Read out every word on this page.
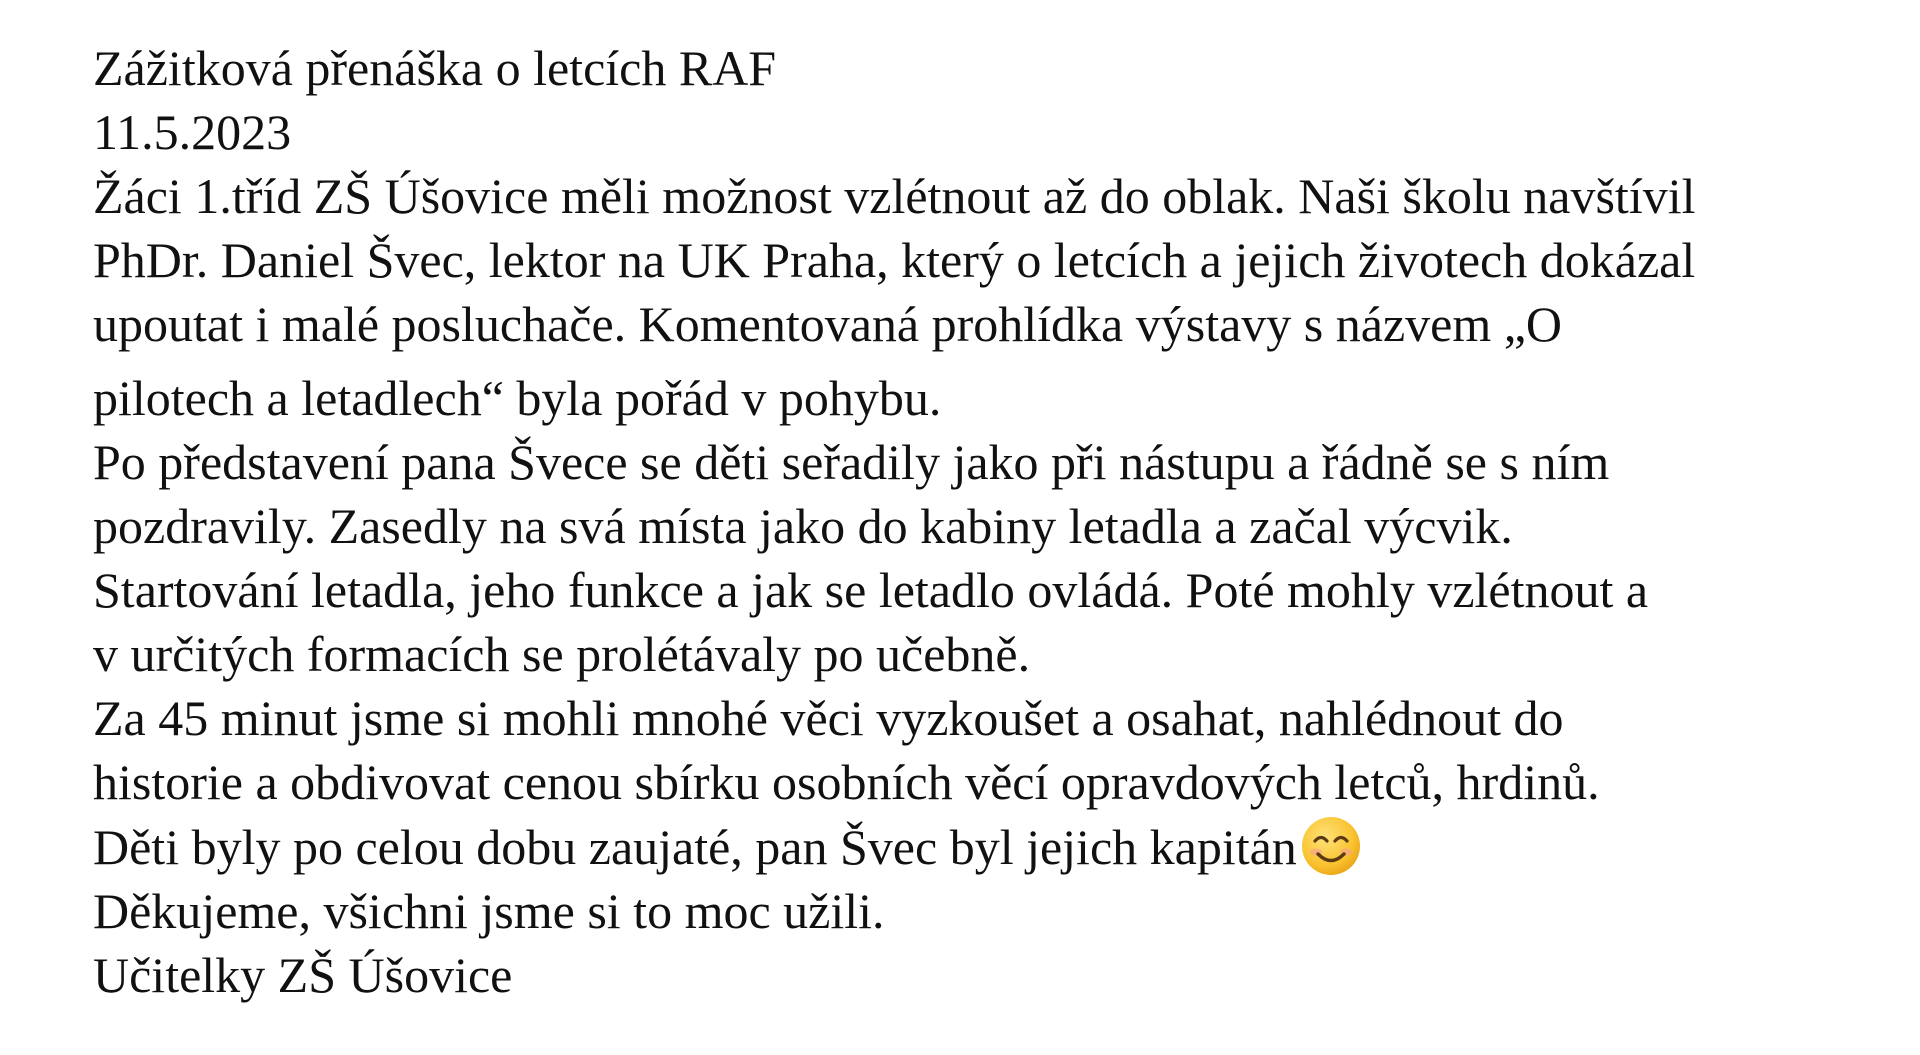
Zážitková přenáška o letcích RAF
11.5.2023
Žáci 1.tříd ZŠ Úšovice měli možnost vzlétnout až do oblak. Naši školu navštívil
PhDr. Daniel Švec, lektor na UK Praha, který o letcích a jejich životech dokázal
upoutat i malé posluchače. Komentovaná prohlídka výstavy s názvem „O
pilotech a letadlech“ byla pořád v pohybu.
Po představení pana Švece se děti seřadily jako při nástupu a řádně se s ním
pozdravily. Zasedly na svá místa jako do kabiny letadla a začal výcvik.
Startování letadla, jeho funkce a jak se letadlo ovládá. Poté mohly vzlétnout a
v určitých formacích se prolétávaly po učebně.
Za 45 minut jsme si mohli mnohé věci vyzkoušet a osahat, nahlédnout do
historie a obdivovat cenou sbírku osobních věcí opravdových letců, hrdinů.
Děti byly po celou dobu zaujaté, pan Švec byl jejich kapitán
Děkujeme, všichni jsme si to moc užili.
Učitelky ZŠ Úšovice
